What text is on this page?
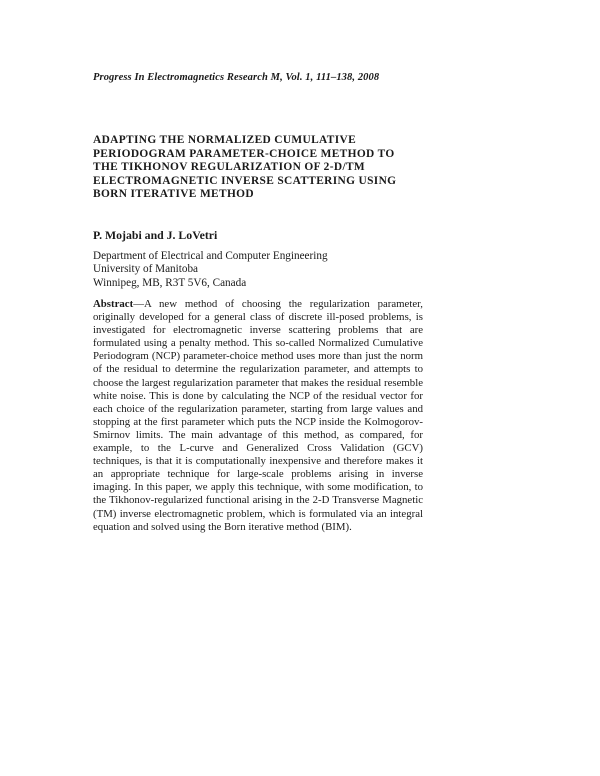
Progress In Electromagnetics Research M, Vol. 1, 111–138, 2008
ADAPTING THE NORMALIZED CUMULATIVE
PERIODOGRAM PARAMETER-CHOICE METHOD TO
THE TIKHONOV REGULARIZATION OF 2-D/TM
ELECTROMAGNETIC INVERSE SCATTERING USING
BORN ITERATIVE METHOD
P. Mojabi and J. LoVetri
Department of Electrical and Computer Engineering
University of Manitoba
Winnipeg, MB, R3T 5V6, Canada
Abstract—A new method of choosing the regularization parameter, originally developed for a general class of discrete ill-posed problems, is investigated for electromagnetic inverse scattering problems that are formulated using a penalty method. This so-called Normalized Cumulative Periodogram (NCP) parameter-choice method uses more than just the norm of the residual to determine the regularization parameter, and attempts to choose the largest regularization parameter that makes the residual resemble white noise. This is done by calculating the NCP of the residual vector for each choice of the regularization parameter, starting from large values and stopping at the first parameter which puts the NCP inside the Kolmogorov-Smirnov limits. The main advantage of this method, as compared, for example, to the L-curve and Generalized Cross Validation (GCV) techniques, is that it is computationally inexpensive and therefore makes it an appropriate technique for large-scale problems arising in inverse imaging. In this paper, we apply this technique, with some modification, to the Tikhonov-regularized functional arising in the 2-D Transverse Magnetic (TM) inverse electromagnetic problem, which is formulated via an integral equation and solved using the Born iterative method (BIM).
